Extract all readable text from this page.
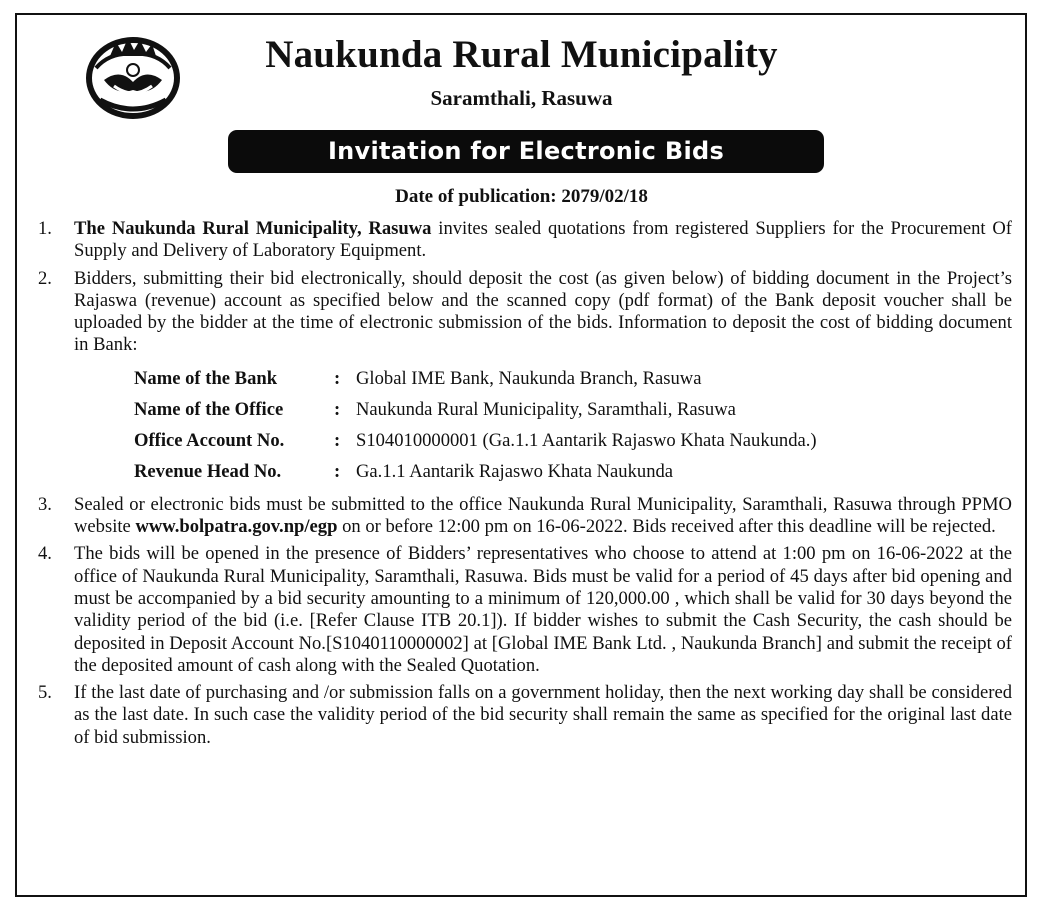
Naukunda Rural Municipality
Saramthali, Rasuwa
Invitation for Electronic Bids
Date of publication: 2079/02/18
1.	The Naukunda Rural Municipality, Rasuwa invites sealed quotations from registered Suppliers for the Procurement Of Supply and Delivery of Laboratory Equipment.
2.	Bidders, submitting their bid electronically, should deposit the cost (as given below) of bidding document in the Project’s Rajaswa (revenue) account as specified below and the scanned copy (pdf format) of the Bank deposit voucher shall be uploaded by the bidder at the time of electronic submission of the bids. Information to deposit the cost of bidding document in Bank:
Name of the Bank	: Global IME Bank, Naukunda Branch, Rasuwa
Name of the Office	: Naukunda Rural Municipality, Saramthali, Rasuwa
Office Account No.	: S104010000001 (Ga.1.1 Aantarik Rajaswo Khata Naukunda.)
Revenue Head No.	: Ga.1.1 Aantarik Rajaswo Khata Naukunda
3.	Sealed or electronic bids must be submitted to the office Naukunda Rural Municipality, Saramthali, Rasuwa through PPMO website www.bolpatra.gov.np/egp on or before 12:00 pm on 16-06-2022. Bids received after this deadline will be rejected.
4.	The bids will be opened in the presence of Bidders’ representatives who choose to attend at 1:00 pm on 16-06-2022 at the office of Naukunda Rural Municipality, Saramthali, Rasuwa. Bids must be valid for a period of 45 days after bid opening and must be accompanied by a bid security amounting to a minimum of 120,000.00 , which shall be valid for 30 days beyond the validity period of the bid (i.e. [Refer Clause ITB 20.1]). If bidder wishes to submit the Cash Security, the cash should be deposited in Deposit Account No.[S1040110000002] at [Global IME Bank Ltd. , Naukunda Branch] and submit the receipt of the deposited amount of cash along with the Sealed Quotation.
5.	If the last date of purchasing and /or submission falls on a government holiday, then the next working day shall be considered as the last date. In such case the validity period of the bid security shall remain the same as specified for the original last date of bid submission.
